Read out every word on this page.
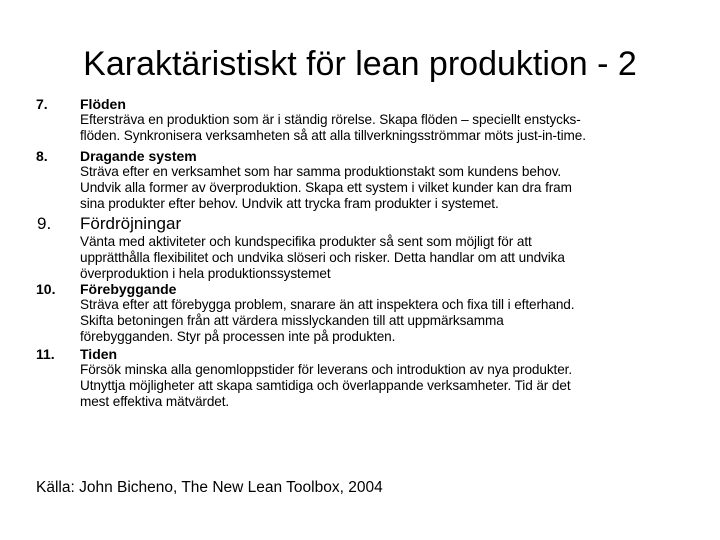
Karaktäristiskt för lean produktion - 2
7. Flöden
Eftersträva en produktion som är i ständig rörelse. Skapa flöden – speciellt enstycks-
flöden. Synkronisera verksamheten så att alla tillverkningsströmmar möts just-in-time.
8. Dragande system
Sträva efter en verksamhet som har samma produktionstakt som kundens behov.
Undvik alla former av överproduktion. Skapa ett system i vilket kunder kan dra fram
sina produkter efter behov. Undvik att trycka fram produkter i systemet.
9. Fördröjningar
Vänta med aktiviteter och kundspecifika produkter så sent som möjligt för att
upprätthålla flexibilitet och undvika slöseri och risker. Detta handlar om att undvika
överproduktion i hela produktionssystemet
10. Förebyggande
Sträva efter att förebygga problem, snarare än att inspektera och fixa till i efterhand.
Skifta betoningen från att värdera misslyckanden till att uppmärksamma
förebygganden. Styr på processen inte på produkten.
11. Tiden
Försök minska alla genomloppstider för leverans och introduktion av nya produkter.
Utnyttja möjligheter att skapa samtidiga och överlappande verksamheter. Tid är det
mest effektiva mätvärdet.
Källa: John Bicheno, The New Lean Toolbox, 2004
